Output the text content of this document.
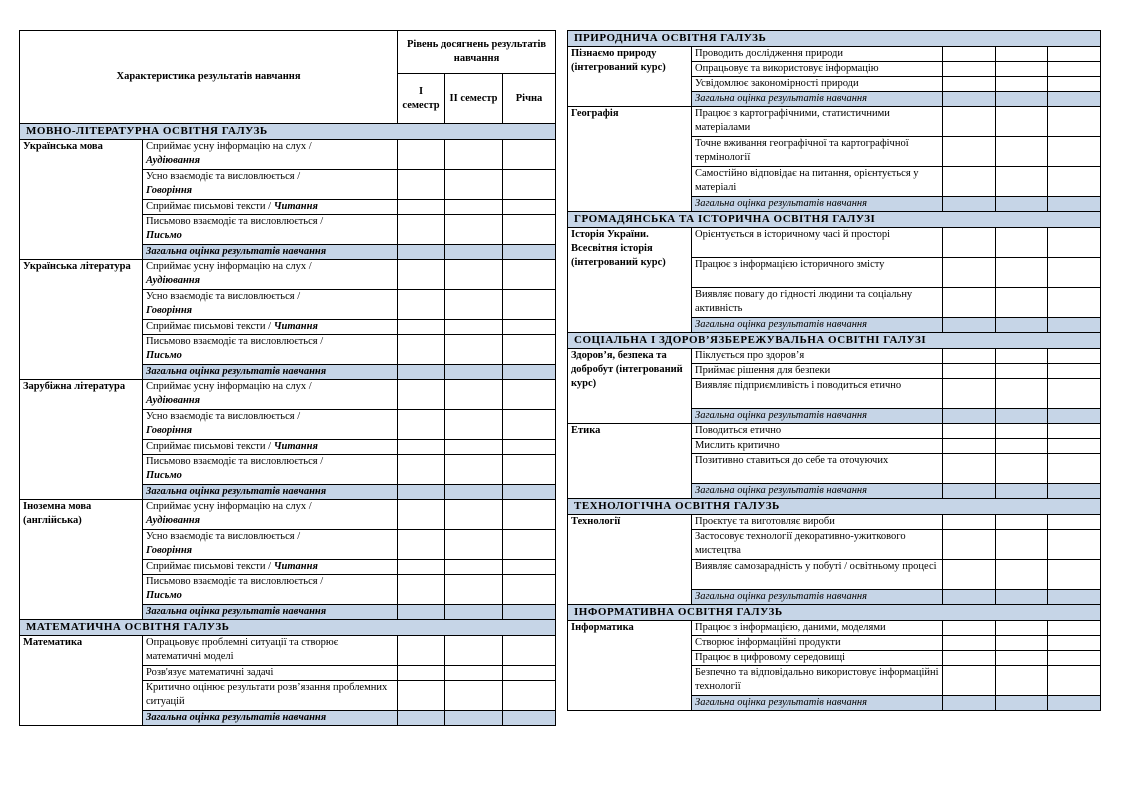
Характеристика результатів навчання		Рівень досягнень результатів навчання		
		I семестр	II семестр	Річна
МОВНО-ЛІТЕРАТУРНА ОСВІТНЯ ГАЛУЗЬ				
Українська мова	Сприймає усну інформацію на слух /
Аудіювання			
	Усно взаємодіє та висловлюється /
Говоріння			
	Сприймає письмові тексти / Читання			
	Письмово взаємодіє та висловлюється /
Письмо			
	Загальна оцінка результатів навчання			
Українська література	Сприймає усну інформацію на слух /
Аудіювання			
	Усно взаємодіє та висловлюється /
Говоріння			
	Сприймає письмові тексти / Читання			
	Письмово взаємодіє та висловлюється /
Письмо			
	Загальна оцінка результатів навчання			
Зарубіжна література	Сприймає усну інформацію на слух /
Аудіювання			
	Усно взаємодіє та висловлюється /
Говоріння			
	Сприймає письмові тексти / Читання			
	Письмово взаємодіє та висловлюється /
Письмо			
	Загальна оцінка результатів навчання			
Іноземна мова (англійська)	Сприймає усну інформацію на слух /
Аудіювання			
	Усно взаємодіє та висловлюється /
Говоріння			
	Сприймає письмові тексти / Читання			
	Письмово взаємодіє та висловлюється /
Письмо			
	Загальна оцінка результатів навчання			
МАТЕМАТИЧНА ОСВІТНЯ ГАЛУЗЬ				
Математика	Опрацьовує проблемні ситуації та створює математичні моделі			
	Розв'язує математичні задачі			
	Критично оцінює результати розв’язання проблемних ситуацій			
	Загальна оцінка результатів навчання			
ПРИРОДНИЧА ОСВІТНЯ ГАЛУЗЬ				
Пізнаємо природу (інтегрований курс)	Проводить дослідження природи			
	Опрацьовує та використовує інформацію			
	Усвідомлює закономірності природи			
	Загальна оцінка результатів навчання			
Географія	Працює з картографічними, статистичними матеріалами			
	Точне вживання географічної та картографічної термінології			
	Самостійно відповідає на питання, орієнтується у матеріалі			
	Загальна оцінка результатів навчання			
ГРОМАДЯНСЬКА ТА ІСТОРИЧНА ОСВІТНЯ ГАЛУЗІ				
Історія України. Всесвітня історія (інтегрований курс)	Орієнтується в історичному часі й просторі			
	Працює з інформацією історичного змісту			
	Виявляє повагу до гідності людини та соціальну активність			
	Загальна оцінка результатів навчання			
СОЦІАЛЬНА І ЗДОРОВ’ЯЗБЕРЕЖУВАЛЬНА ОСВІТНІ ГАЛУЗІ				
Здоров’я, безпека та добробут (інтегрований курс)	Піклується про здоров’я			
	Приймає рішення для безпеки			
	Виявляє підприємливість і поводиться етично			
	Загальна оцінка результатів навчання			
Етика	Поводиться етично			
	Мислить критично			
	Позитивно ставиться до себе та оточуючих			
	Загальна оцінка результатів навчання			
ТЕХНОЛОГІЧНА ОСВІТНЯ ГАЛУЗЬ				
Технології	Проєктує та виготовляє вироби			
	Застосовує технології декоративно-ужиткового мистецтва			
	Виявляє самозарадність у побуті / освітньому процесі			
	Загальна оцінка результатів навчання			
ІНФОРМАТИВНА ОСВІТНЯ ГАЛУЗЬ				
Інформатика	Працює з інформацією, даними, моделями			
	Створює інформаційні продукти			
	Працює в цифровому середовищі			
	Безпечно та відповідально використовує інформаційні технології			
	Загальна оцінка результатів навчання			
